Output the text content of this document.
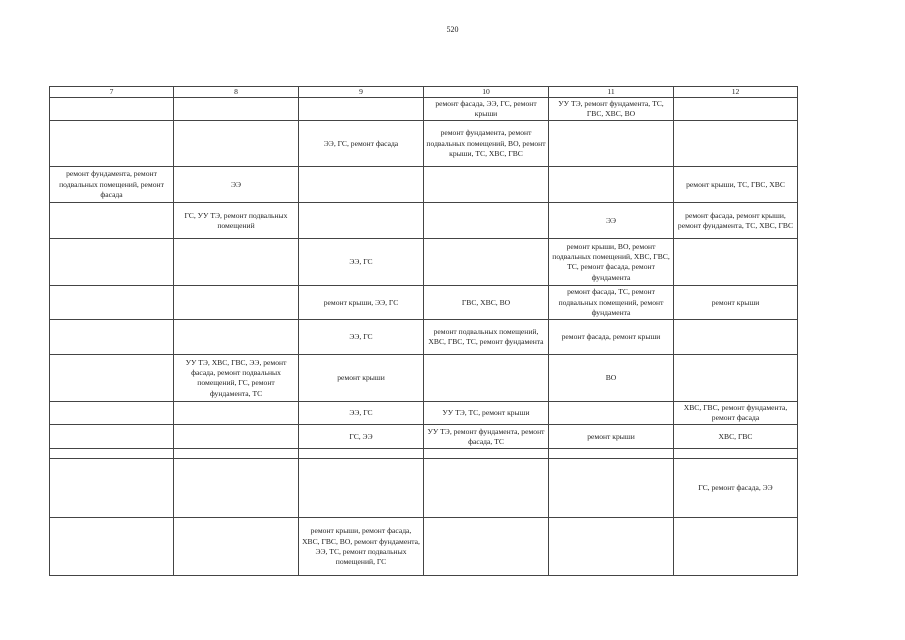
520
7	8	9	10	11	12
			ремонт фасада, ЭЭ, ГС, ремонт крыши	УУ ТЭ, ремонт фундамента, ТС, ГВС, ХВС, ВО	
		ЭЭ, ГС, ремонт фасада	ремонт фундамента, ремонт подвальных помещений, ВО, ремонт крыши, ТС, ХВС, ГВС		
ремонт фундамента, ремонт подвальных помещений, ремонт фасада	ЭЭ				ремонт крыши, ТС, ГВС, ХВС
	ГС, УУ ТЭ, ремонт подвальных помещений			ЭЭ	ремонт фасада, ремонт крыши, ремонт фундамента, ТС, ХВС, ГВС
		ЭЭ, ГС		ремонт крыши, ВО, ремонт подвальных помещений, ХВС, ГВС, ТС, ремонт фасада, ремонт фундамента	
		ремонт крыши, ЭЭ, ГС	ГВС, ХВС, ВО	ремонт фасада, ТС, ремонт подвальных помещений, ремонт фундамента	ремонт крыши
		ЭЭ, ГС	ремонт подвальных помещений, ХВС, ГВС, ТС, ремонт фундамента	ремонт фасада, ремонт крыши	
	УУ ТЭ, ХВС, ГВС, ЭЭ, ремонт фасада, ремонт подвальных помещений, ГС, ремонт фундамента, ТС	ремонт крыши		ВО	
		ЭЭ, ГС	УУ ТЭ, ТС, ремонт крыши		ХВС, ГВС, ремонт фундамента, ремонт фасада
		ГС, ЭЭ	УУ ТЭ, ремонт фундамента, ремонт фасада, ТС	ремонт крыши	ХВС, ГВС

					ГС, ремонт фасада, ЭЭ
		ремонт крыши, ремонт фасада, ХВС, ГВС, ВО, ремонт фундамента, ЭЭ, ТС, ремонт подвальных помещений, ГС			
